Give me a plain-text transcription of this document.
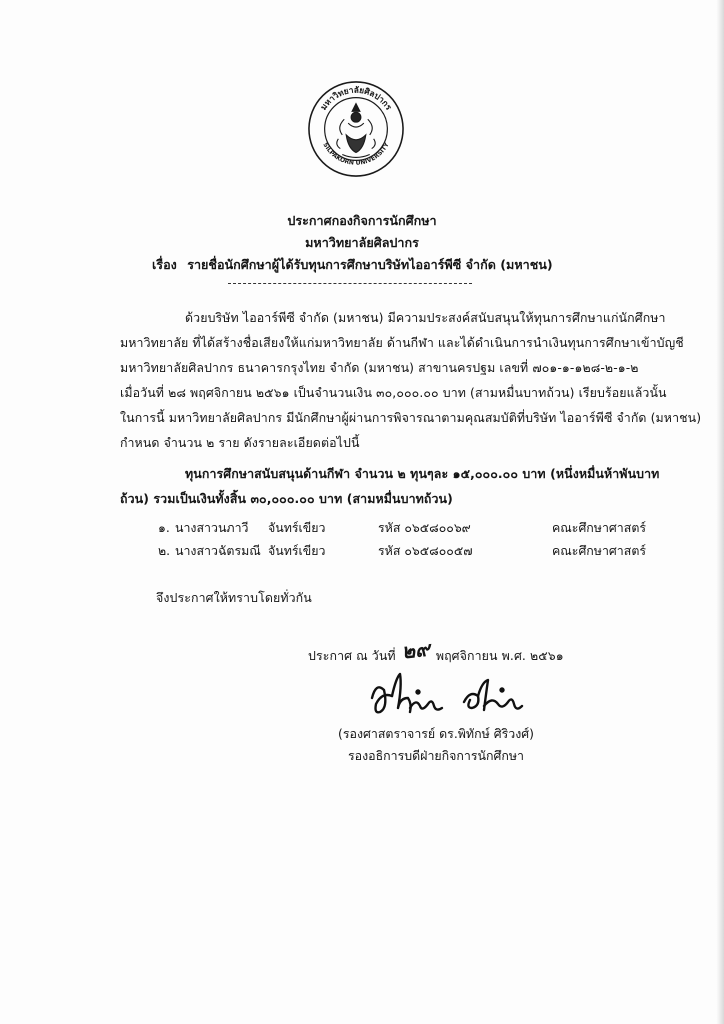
มหาวิทยาลัยศิลปากร
SILPAKORN UNIVERSITY
ประกาศกองกิจการนักศึกษา
มหาวิทยาลัยศิลปากร
เรื่อง รายชื่อนักศึกษาผู้ได้รับทุนการศึกษาบริษัทไออาร์พีซี จำกัด (มหาชน)
ด้วยบริษัท ไออาร์พีซี จำกัด (มหาชน) มีความประสงค์สนับสนุนให้ทุนการศึกษาแก่นักศึกษา
มหาวิทยาลัย ที่ได้สร้างชื่อเสียงให้แก่มหาวิทยาลัย ด้านกีฬา และได้ดำเนินการนำเงินทุนการศึกษาเข้าบัญชี
มหาวิทยาลัยศิลปากร ธนาคารกรุงไทย จำกัด (มหาชน) สาขานครปฐม เลขที่ ๗๐๑-๑-๑๒๘-๒-๑-๒
เมื่อวันที่ ๒๘ พฤศจิกายน ๒๕๖๑ เป็นจำนวนเงิน ๓๐,๐๐๐.๐๐ บาท (สามหมื่นบาทถ้วน) เรียบร้อยแล้วนั้น
ในการนี้ มหาวิทยาลัยศิลปากร มีนักศึกษาผู้ผ่านการพิจารณาตามคุณสมบัติที่บริษัท ไออาร์พีซี จำกัด (มหาชน)
กำหนด จำนวน ๒ ราย ดังรายละเอียดต่อไปนี้
ทุนการศึกษาสนับสนุนด้านกีฬา จำนวน ๒ ทุนๆละ ๑๕,๐๐๐.๐๐ บาท (หนึ่งหมื่นห้าพันบาท
ถ้วน) รวมเป็นเงินทั้งสิ้น ๓๐,๐๐๐.๐๐ บาท (สามหมื่นบาทถ้วน)
๑. นางสาวนภาวี จันทร์เขียว	รหัส ๐๖๕๘๐๐๖๙	คณะศึกษาศาสตร์
๒. นางสาวฉัตรมณี จันทร์เขียว	รหัส ๐๖๕๘๐๐๕๗	คณะศึกษาศาสตร์
จึงประกาศให้ทราบโดยทั่วกัน
ประกาศ ณ วันที่ ๒๙ พฤศจิกายน พ.ศ. ๒๕๖๑
(รองศาสตราจารย์ ดร.พิทักษ์ ศิริวงศ์)
รองอธิการบดีฝ่ายกิจการนักศึกษา
